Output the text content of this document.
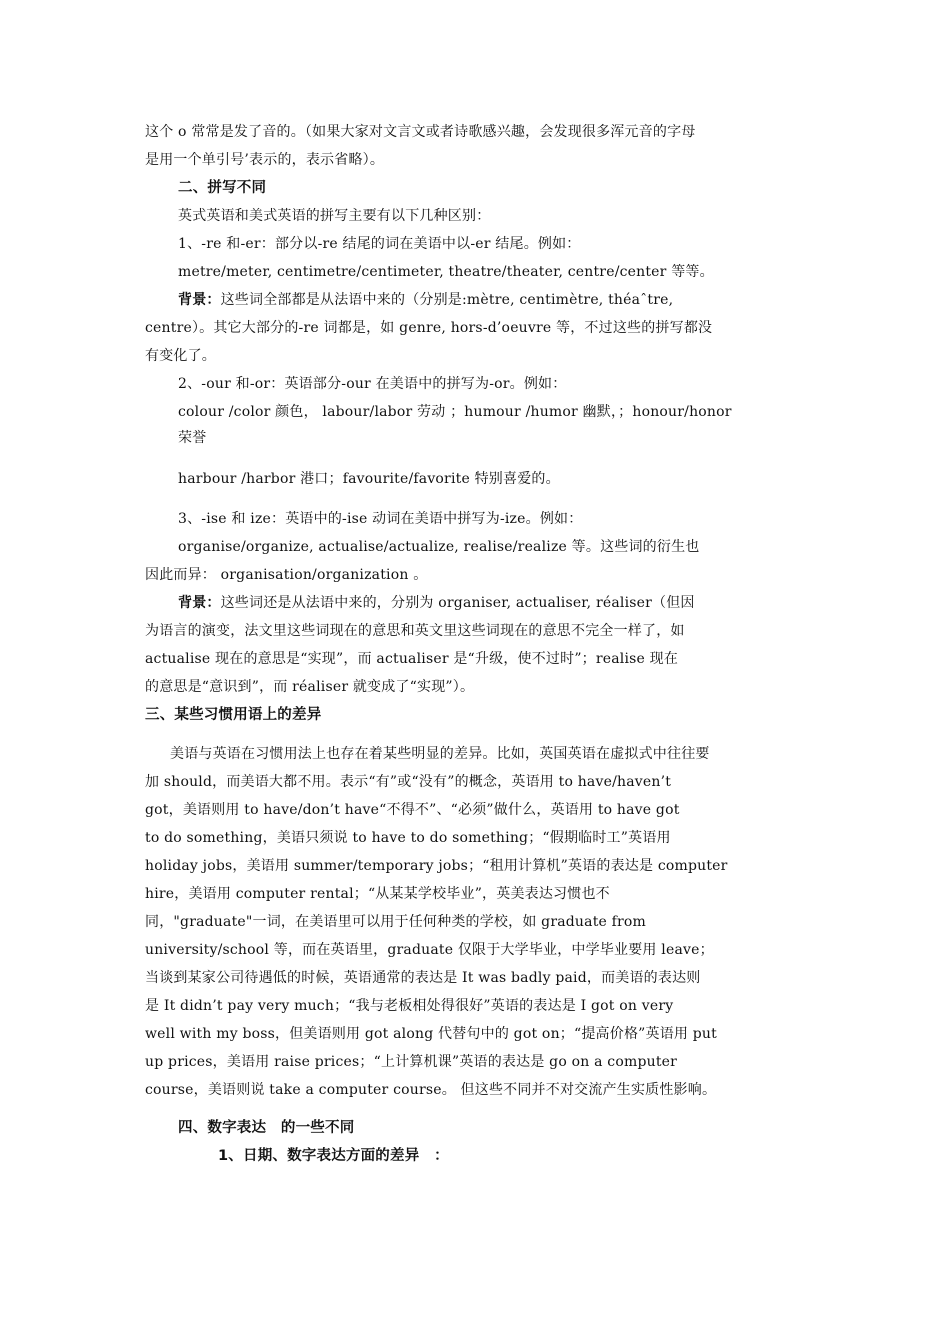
这个 o 常常是发了音的。（如果大家对文言文或者诗歌感兴趣，会发现很多浑元音的字母
是用一个单引号’表示的，表示省略）。
二、拼写不同
英式英语和美式英语的拼写主要有以下几种区别：
1、-re 和-er：部分以-re 结尾的词在美语中以-er 结尾。例如：
metre/meter, centimetre/centimeter, theatre/theater, centre/center 等等。
背景：这些词全部都是从法语中来的（分别是:mètre, centimètre, théaˆtre,
centre）。其它大部分的-re 词都是，如 genre, hors-d’oeuvre 等，不过这些的拼写都没
有变化了。
2、-our 和-or：英语部分-our 在美语中的拼写为-or。例如：
colour /color 颜色， labour/labor 劳动 ；humour /humor 幽默，；honour/honor
荣誉
harbour /harbor 港口；favourite/favorite 特别喜爱的。
3、-ise 和 ize：英语中的-ise 动词在美语中拼写为-ize。例如：
organise/organize, actualise/actualize, realise/realize 等。这些词的衍生也
因此而异： organisation/organization 。
背景：这些词还是从法语中来的，分别为 organiser, actualiser, réaliser（但因
为语言的演变，法文里这些词现在的意思和英文里这些词现在的意思不完全一样了，如
actualise 现在的意思是“实现”，而 actualiser 是“升级，使不过时”；realise 现在
的意思是“意识到”，而 réaliser 就变成了“实现”）。
三、某些习惯用语上的差异
美语与英语在习惯用法上也存在着某些明显的差异。比如，英国英语在虚拟式中往往要
加 should，而美语大都不用。表示“有”或“没有”的概念，英语用 to have/haven’t
got，美语则用 to have/don’t have“不得不”、“必须”做什么，英语用 to have got
to do something，美语只须说 to have to do something；“假期临时工”英语用
holiday jobs，美语用 summer/temporary jobs；“租用计算机”英语的表达是 computer
hire，美语用 computer rental；“从某某学校毕业”，英美表达习惯也不
同，"graduate"一词，在美语里可以用于任何种类的学校，如 graduate from
university/school 等，而在英语里，graduate 仅限于大学毕业，中学毕业要用 leave；
当谈到某家公司待遇低的时候，英语通常的表达是 It was badly paid，而美语的表达则
是 It didn’t pay very much；“我与老板相处得很好”英语的表达是 I got on very
well with my boss，但美语则用 got along 代替句中的 got on；“提高价格”英语用 put
up prices，美语用 raise prices；“上计算机课”英语的表达是 go on a computer
course，美语则说 take a computer course。 但这些不同并不对交流产生实质性影响。
四、数字表达　的一些不同
1、日期、数字表达方面的差异　：
